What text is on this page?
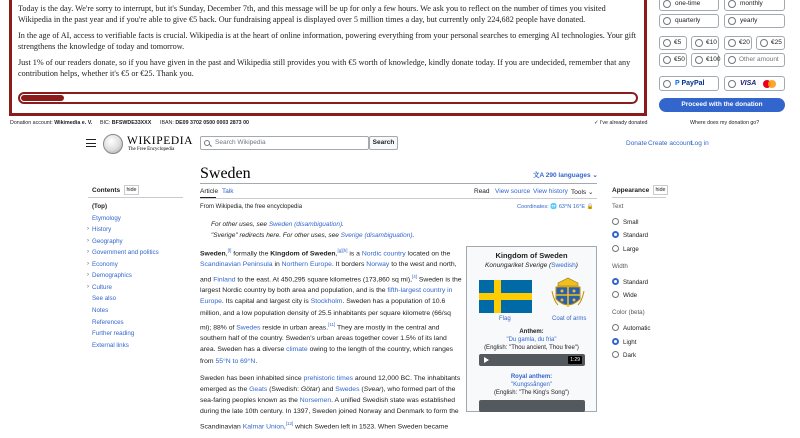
Today is the day. We're sorry to interrupt, but it's Sunday, December 7th, and this message will be up for only a few hours. We ask you to reflect on the number of times you visited Wikipedia in the past year and if you're able to give €5 back. Our fundraising appeal is displayed over 5 million times a day, but currently only 224,682 people have donated.

In the age of AI, access to verifiable facts is crucial. Wikipedia is at the heart of online information, powering everything from your personal searches to emerging AI technologies. Your gift strengthens the knowledge of today and tomorrow.

Just 1% of our readers donate, so if you have given in the past and Wikipedia still provides you with €5 worth of knowledge, kindly donate today. If you are undecided, remember that any contribution helps, whether it's €5 or €25. Thank you.

one-time	monthly
quarterly	yearly
€5	€10	€20	€25
€50	€100	Other amount
P PayPal	VISA
Proceed with the donation
Donation account: Wikimedia e. V. BIC: BFSWDE33XXX IBAN: DE09 3702 0500 0003 2873 00	✓ I've already donated	Where does my donation go?
WIKIPEDIA
The Free Encyclopedia
Search Wikipedia	Search	Donate Create account
Log in
Contents	hide
(Top)
Etymology
› History
› Geography
› Government and politics
› Economy
› Demographics
› Culture
See also
Notes
References
Further reading
External links
Sweden	文A 290 languages ⌄
Article Talk	Read View source View history Tools ⌄
From Wikipedia, the free encyclopedia	Coordinates: 🌐 63°N 16°E 🔒
For other uses, see Sweden (disambiguation).
"Sverige" redirects here. For other uses, see Sverige (disambiguation).

Sweden,[f] formally the Kingdom of Sweden,[g][h] is a Nordic country located on the Scandinavian Peninsula in Northern Europe. It borders Norway to the west and north, and Finland to the east. At 450,295 square kilometres (173,860 sq mi),[4] Sweden is the largest Nordic country by both area and population, and is the fifth-largest country in Europe. Its capital and largest city is Stockholm. Sweden has a population of 10.6 million, and a low population density of 25.5 inhabitants per square kilometre (66/sq mi); 88% of Swedes reside in urban areas.[11] They are mostly in the central and southern half of the country. Sweden's urban areas together cover 1.5% of its land area. Sweden has a diverse climate owing to the length of the country, which ranges from 55°N to 69°N.

Sweden has been inhabited since prehistoric times around 12,000 BC. The inhabitants emerged as the Geats (Swedish: Götar) and Swedes (Svear), who formed part of the sea-faring peoples known as the Norsemen. A unified Swedish state was established during the late 10th century. In 1397, Sweden joined Norway and Denmark to form the Scandinavian Kalmar Union,[12] which Sweden left in 1523. When Sweden became

Kingdom of Sweden
Konungariket Sverige (Swedish)
Flag	Coat of arms
Anthem:
"Du gamla, du fria"
(English: "Thou ancient, Thou free")
1:29
Royal anthem:
"Kungssången"
(English: "The King's Song")
Appearance	hide
Text
Small
Standard
Large
Width
Standard
Wide
Color (beta)
Automatic
Light
Dark
